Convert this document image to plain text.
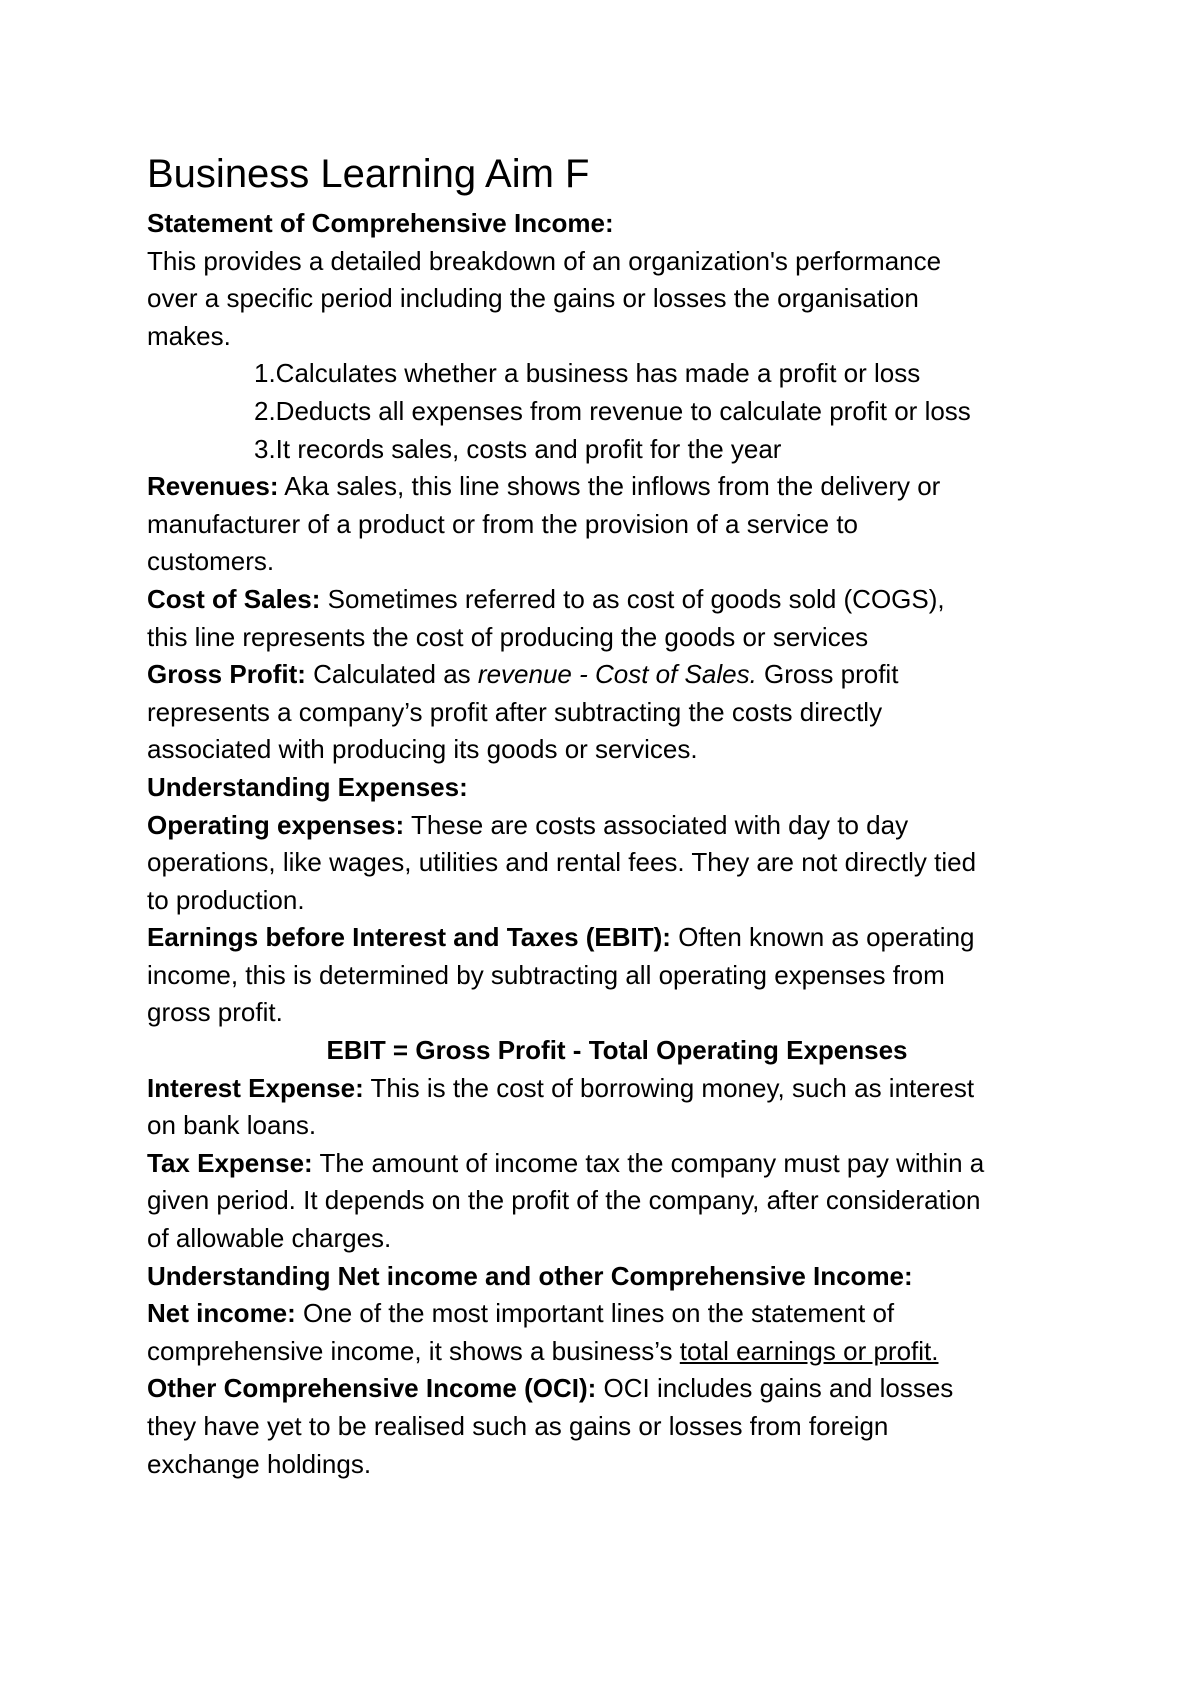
Business Learning Aim F

Statement of Comprehensive Income:

This provides a detailed breakdown of an organization's performance

over a specific period including the gains or losses the organisation

makes.

1.Calculates whether a business has made a profit or loss

2.Deducts all expenses from revenue to calculate profit or loss

3.It records sales, costs and profit for the year

Revenues: Aka sales, this line shows the inflows from the delivery or

manufacturer of a product or from the provision of a service to

customers.

Cost of Sales: Sometimes referred to as cost of goods sold (COGS),

this line represents the cost of producing the goods or services

Gross Profit: Calculated as revenue - Cost of Sales. Gross profit

represents a company’s profit after subtracting the costs directly

associated with producing its goods or services.

Understanding Expenses:

Operating expenses: These are costs associated with day to day

operations, like wages, utilities and rental fees. They are not directly tied

to production.

Earnings before Interest and Taxes (EBIT): Often known as operating

income, this is determined by subtracting all operating expenses from

gross profit.

EBIT = Gross Profit - Total Operating Expenses

Interest Expense: This is the cost of borrowing money, such as interest

on bank loans.

Tax Expense: The amount of income tax the company must pay within a

given period. It depends on the profit of the company, after consideration

of allowable charges.

Understanding Net income and other Comprehensive Income:

Net income: One of the most important lines on the statement of

comprehensive income, it shows a business’s total earnings or profit.

Other Comprehensive Income (OCI): OCI includes gains and losses

they have yet to be realised such as gains or losses from foreign

exchange holdings.
